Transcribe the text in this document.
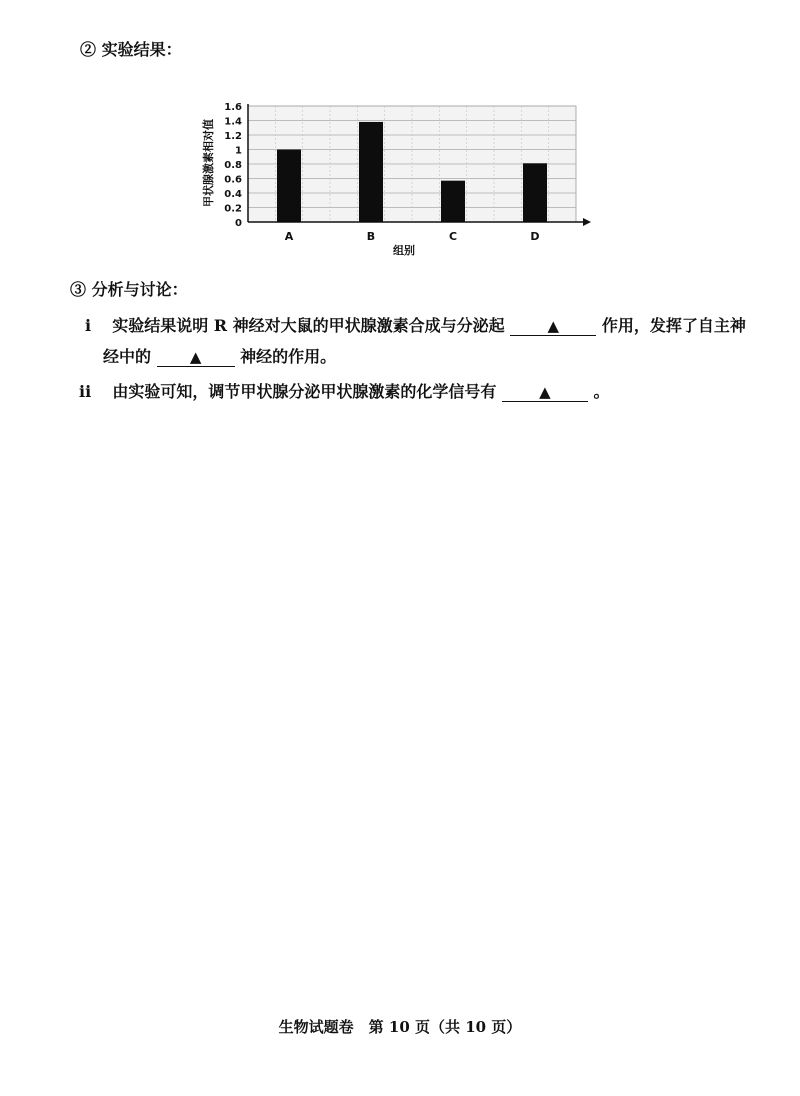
② 实验结果：
0
0.2
0.4
0.6
0.8
1
1.2
1.4
1.6
A	B	C	D
甲状腺激素相对值
组别
③ 分析与讨论：
i 实验结果说明 R 神经对大鼠的甲状腺激素合成与分泌起	▲	作用，发挥了自主神
经中的	▲ 神经的作用。
ii 由实验可知，调节甲状腺分泌甲状腺激素的化学信号有	▲	。
生物试题卷　第 10 页（共 10 页）
